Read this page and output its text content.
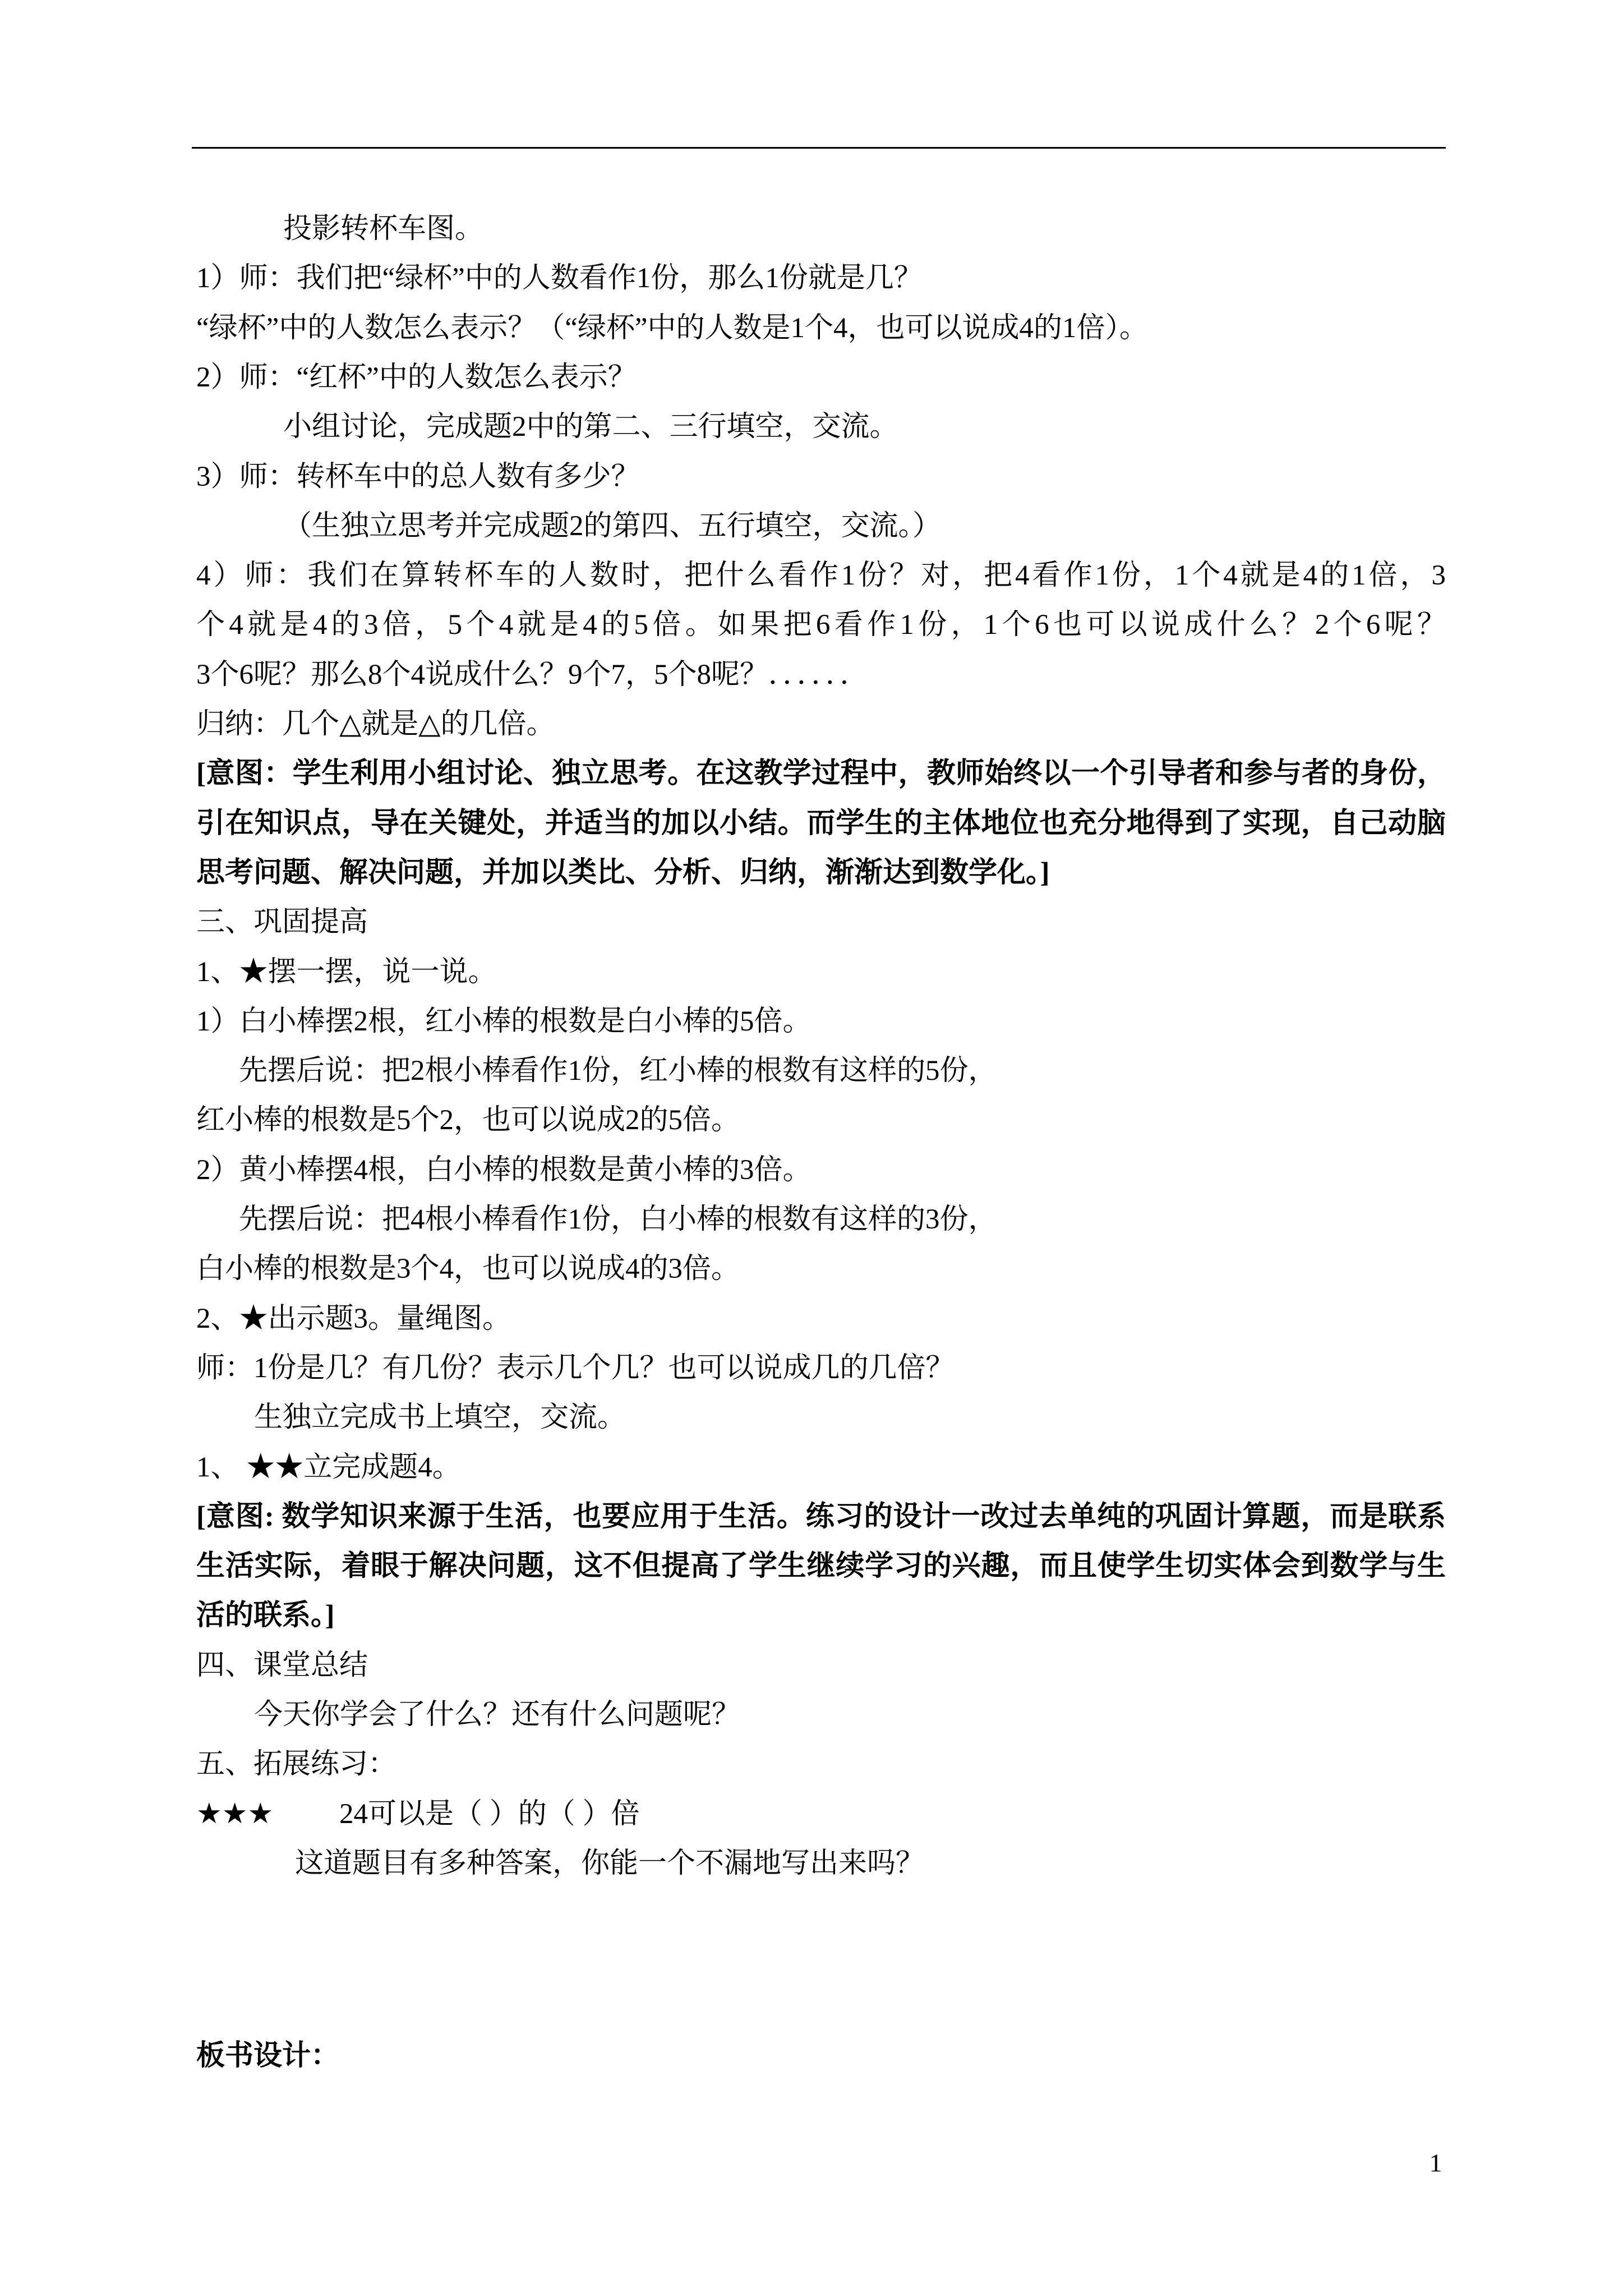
投影转杯车图。
1）师：我们把“绿杯”中的人数看作1份，那么1份就是几？
“绿杯”中的人数怎么表示？（“绿杯”中的人数是1个4，也可以说成4的1倍）。
2）师：“红杯”中的人数怎么表示？
小组讨论，完成题2中的第二、三行填空，交流。
3）师：转杯车中的总人数有多少？
（生独立思考并完成题2的第四、五行填空，交流。）
4）师：我们在算转杯车的人数时，把什么看作1份？对，把4看作1份，1个4就是4的1倍，3
个4就是4的3倍，5个4就是4的5倍。如果把6看作1份，1个6也可以说成什么？2个6呢？
3个6呢？那么8个4说成什么？9个7，5个8呢？．．．．．．
归纳：几个△就是△的几倍。
[意图：学生利用小组讨论、独立思考。在这教学过程中，教师始终以一个引导者和参与者的身份，
引在知识点，导在关键处，并适当的加以小结。而学生的主体地位也充分地得到了实现，自己动脑
思考问题、解决问题，并加以类比、分析、归纳，渐渐达到数学化。]
三、巩固提高
1、★摆一摆，说一说。
1）白小棒摆2根，红小棒的根数是白小棒的5倍。
先摆后说：把2根小棒看作1份，红小棒的根数有这样的5份，
红小棒的根数是5个2，也可以说成2的5倍。
2）黄小棒摆4根，白小棒的根数是黄小棒的3倍。
先摆后说：把4根小棒看作1份，白小棒的根数有这样的3份，
白小棒的根数是3个4，也可以说成4的3倍。
2、★出示题3。量绳图。
师：1份是几？有几份？表示几个几？也可以说成几的几倍？
生独立完成书上填空，交流。
1、 ★★立完成题4。
[意图: 数学知识来源于生活，也要应用于生活。练习的设计一改过去单纯的巩固计算题，而是联系
生活实际，着眼于解决问题，这不但提高了学生继续学习的兴趣，而且使学生切实体会到数学与生
活的联系。]
四、课堂总结
今天你学会了什么？还有什么问题呢？
五、拓展练习：
★★★ 24可以是（ ）的（ ）倍
这道题目有多种答案，你能一个不漏地写出来吗？
板书设计：
1
